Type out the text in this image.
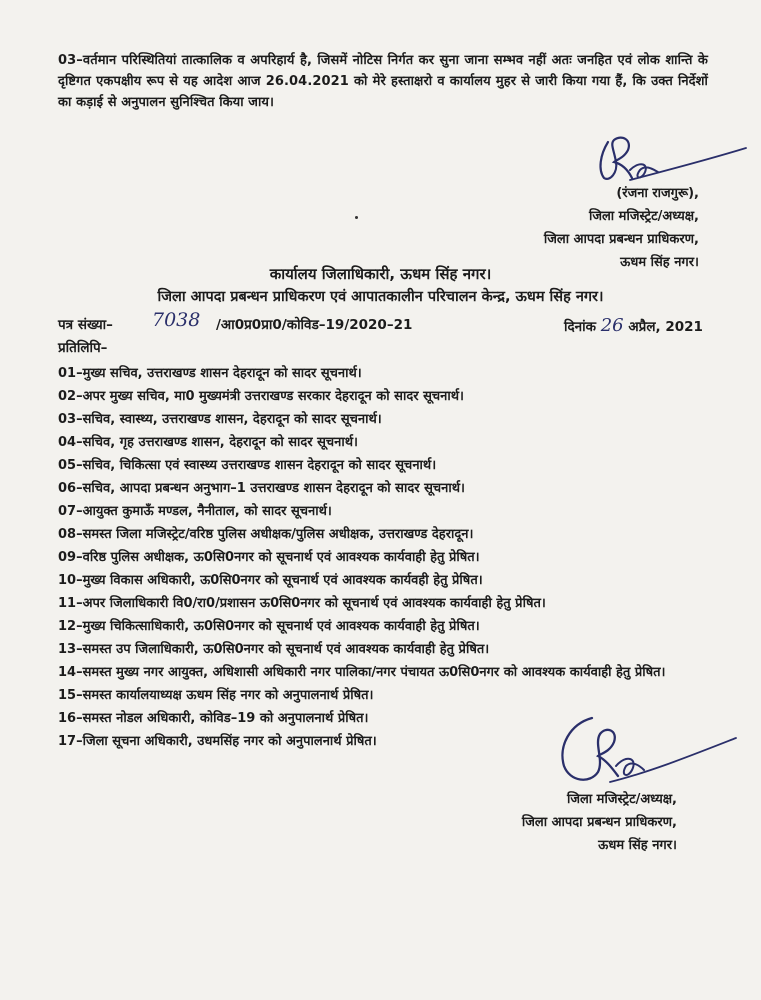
03–वर्तमान परिस्थितियां तात्कालिक व अपरिहार्य है, जिसमें नोटिस निर्गत कर सुना जाना सम्भव नहीं अतः जनहित एवं लोक शान्ति के दृष्टिगत एकपक्षीय रूप से यह आदेश आज 26.04.2021 को मेरे हस्ताक्षरो व कार्यालय मुहर से जारी किया गया हैं, कि उक्त निर्देशों का कड़ाई से अनुपालन सुनिश्चित किया जाय।
(रंजना राजगुरू),
जिला मजिस्ट्रेट/अध्यक्ष,
जिला आपदा प्रबन्धन प्राधिकरण,
ऊधम सिंह नगर।
कार्यालय जिलाधिकारी, ऊधम सिंह नगर।
जिला आपदा प्रबन्धन प्राधिकरण एवं आपातकालीन परिचालन केन्द्र, ऊधम सिंह नगर।
पत्र संख्या– 7038 /आ0प्र0प्रा0/कोविड–19/2020–21	दिनांक 26 अप्रैल, 2021
प्रतिलिपि–
01–मुख्य सचिव, उत्तराखण्ड शासन देहरादून को सादर सूचनार्थ।
02–अपर मुख्य सचिव, मा0 मुख्यमंत्री उत्तराखण्ड सरकार देहरादून को सादर सूचनार्थ।
03–सचिव, स्वास्थ्य, उत्तराखण्ड शासन, देहरादून को सादर सूचनार्थ।
04–सचिव, गृह उत्तराखण्ड शासन, देहरादून को सादर सूचनार्थ।
05–सचिव, चिकित्सा एवं स्वास्थ्य उत्तराखण्ड शासन देहरादून को सादर सूचनार्थ।
06–सचिव, आपदा प्रबन्धन अनुभाग–1 उत्तराखण्ड शासन देहरादून को सादर सूचनार्थ।
07–आयुक्त कुमाऊँ मण्डल, नैनीताल, को सादर सूचनार्थ।
08–समस्त जिला मजिस्ट्रेट/वरिष्ठ पुलिस अधीक्षक/पुलिस अधीक्षक, उत्तराखण्ड देहरादून।
09–वरिष्ठ पुलिस अधीक्षक, ऊ0सि0नगर को सूचनार्थ एवं आवश्यक कार्यवाही हेतु प्रेषित।
10–मुख्य विकास अधिकारी, ऊ0सि0नगर को सूचनार्थ एवं आवश्यक कार्यवही हेतु प्रेषित।
11–अपर जिलाधिकारी वि0/रा0/प्रशासन ऊ0सि0नगर को सूचनार्थ एवं आवश्यक कार्यवाही हेतु प्रेषित।
12–मुख्य चिकित्साधिकारी, ऊ0सि0नगर को सूचनार्थ एवं आवश्यक कार्यवाही हेतु प्रेषित।
13–समस्त उप जिलाधिकारी, ऊ0सि0नगर को सूचनार्थ एवं आवश्यक कार्यवाही हेतु प्रेषित।
14–समस्त मुख्य नगर आयुक्त, अधिशासी अधिकारी नगर पालिका/नगर पंचायत ऊ0सि0नगर को आवश्यक कार्यवाही हेतु प्रेषित।
15–समस्त कार्यालयाध्यक्ष ऊधम सिंह नगर को अनुपालनार्थ प्रेषित।
16–समस्त नोडल अधिकारी, कोविड–19 को अनुपालनार्थ प्रेषित।
17–जिला सूचना अधिकारी, उधमसिंह नगर को अनुपालनार्थ प्रेषित।
जिला मजिस्ट्रेट/अध्यक्ष,
जिला आपदा प्रबन्धन प्राधिकरण,
ऊधम सिंह नगर।
